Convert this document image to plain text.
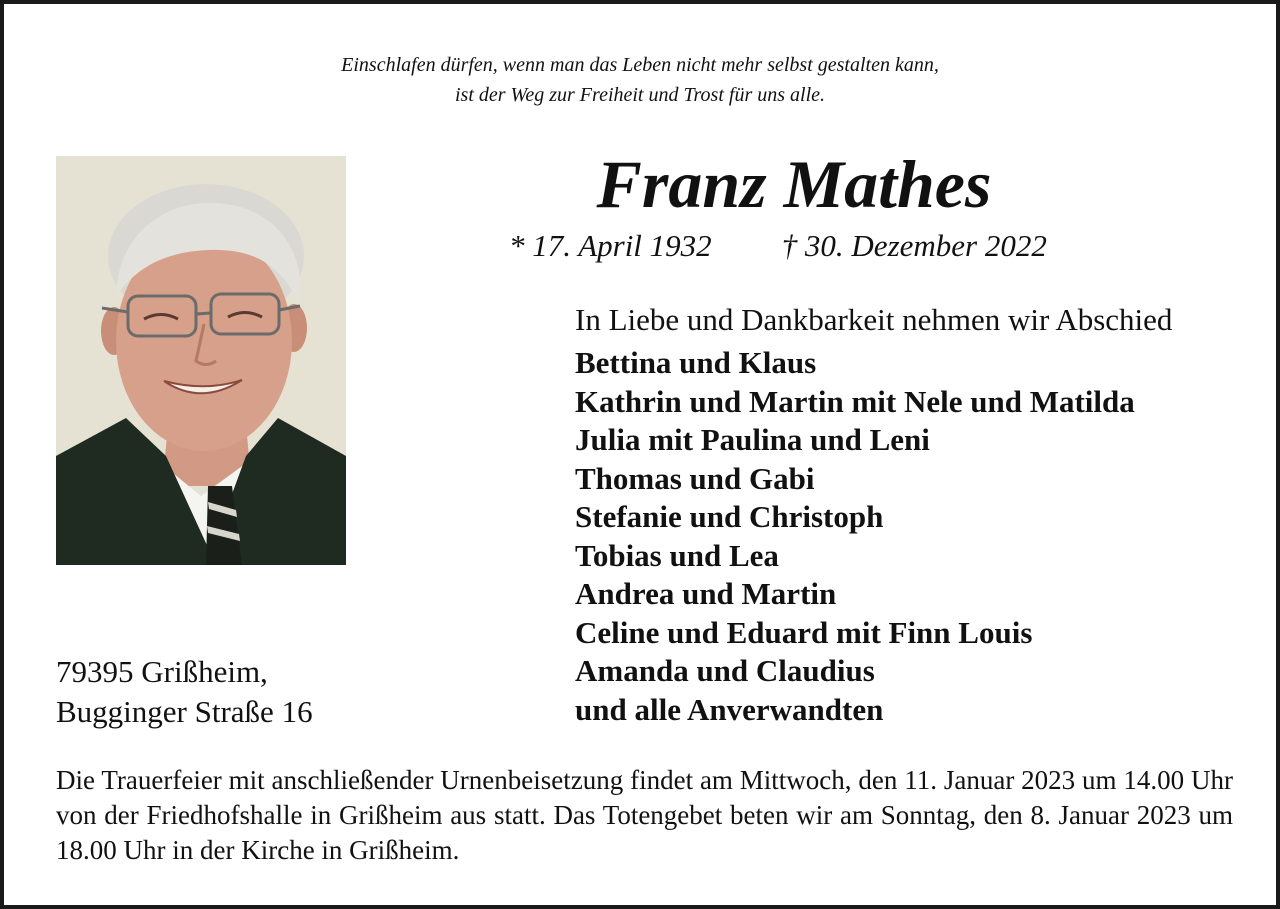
Einschlafen dürfen, wenn man das Leben nicht mehr selbst gestalten kann,
ist der Weg zur Freiheit und Trost für uns alle.
Franz Mathes
* 17. April 1932 † 30. Dezember 2022
In Liebe und Dankbarkeit nehmen wir Abschied
Bettina und Klaus
Kathrin und Martin mit Nele und Matilda
Julia mit Paulina und Leni
Thomas und Gabi
Stefanie und Christoph
Tobias und Lea
Andrea und Martin
Celine und Eduard mit Finn Louis
Amanda und Claudius
und alle Anverwandten
79395 Grißheim,
Bugginger Straße 16
Die Trauerfeier mit anschließender Urnenbeisetzung findet am Mittwoch, den 11. Januar 2023 um 14.00 Uhr von der Friedhofshalle in Grißheim aus statt. Das Totengebet beten wir am Sonntag, den 8. Januar 2023 um 18.00 Uhr in der Kirche in Grißheim.
